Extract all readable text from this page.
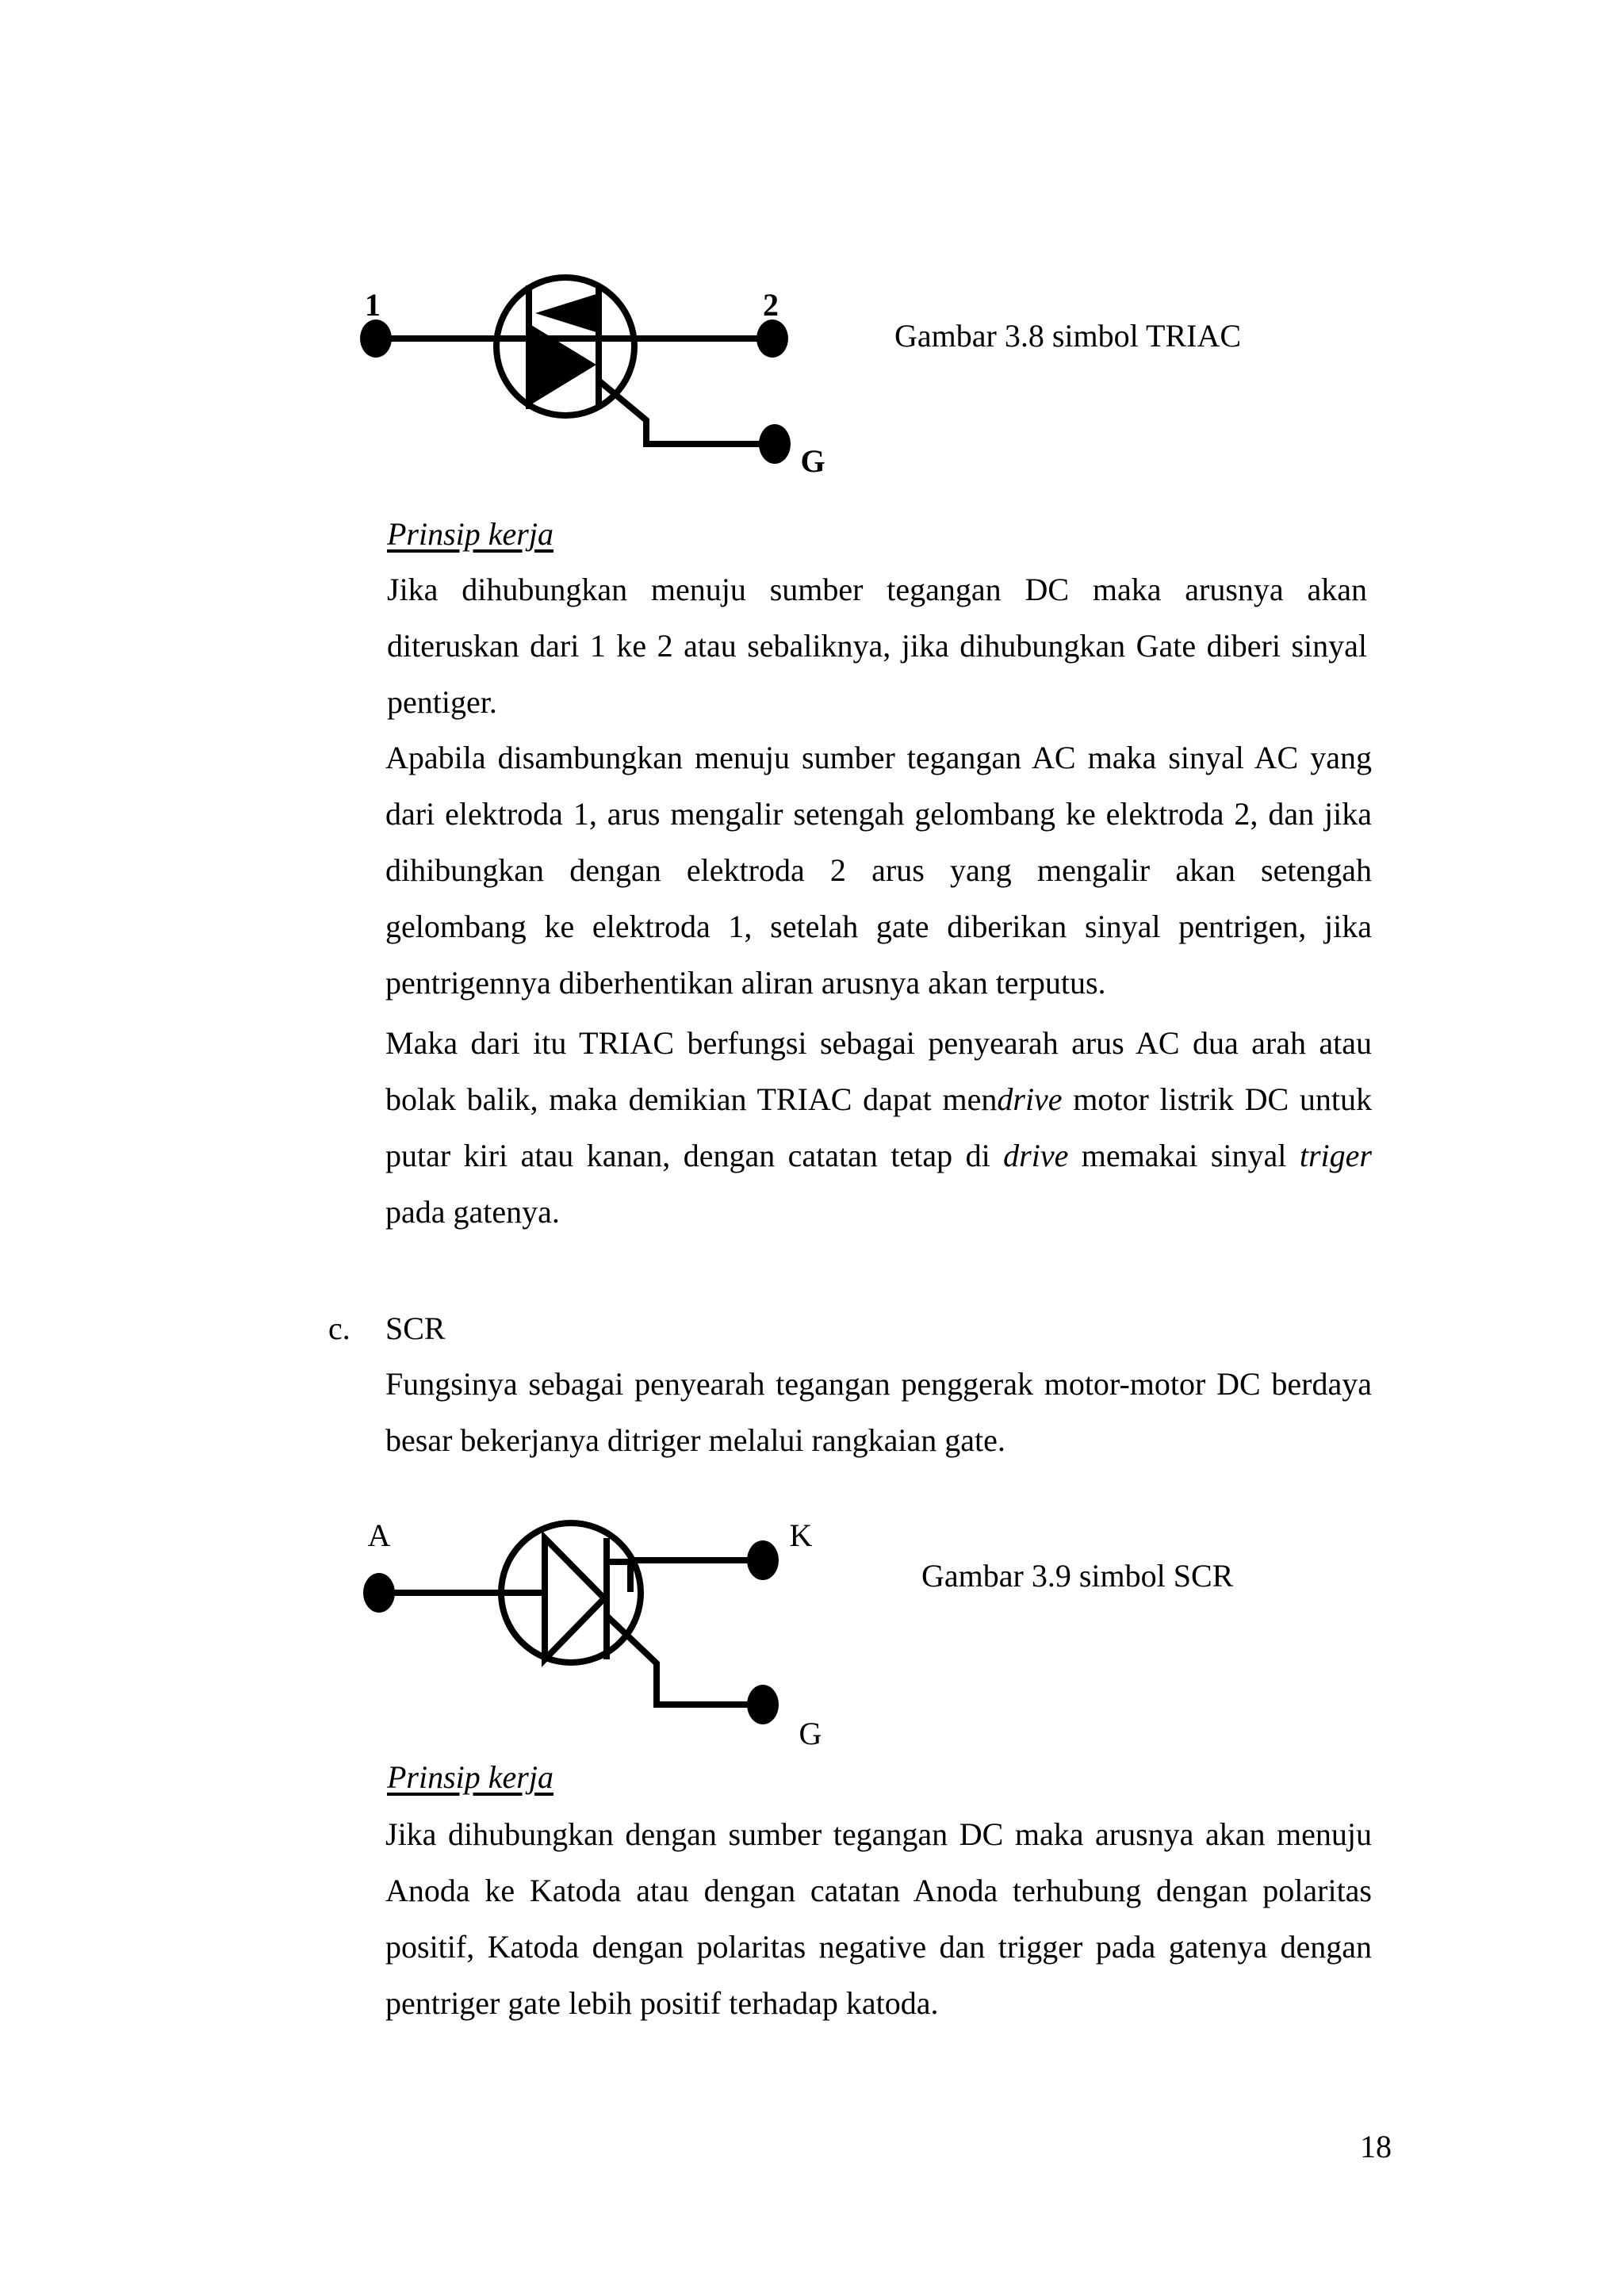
1	2
G
Gambar 3.8 simbol TRIAC
Prinsip kerja

Jika dihubungkan menuju sumber tegangan DC maka arusnya akan diteruskan dari 1 ke 2 atau sebaliknya, jika dihubungkan Gate diberi sinyal pentiger.

Apabila disambungkan menuju sumber tegangan AC maka sinyal AC yang dari elektroda 1, arus mengalir setengah gelombang ke elektroda 2, dan jika dihibungkan dengan elektroda 2 arus yang mengalir akan setengah gelombang ke elektroda 1, setelah gate diberikan sinyal pentrigen, jika pentrigennya diberhentikan aliran arusnya akan terputus.

Maka dari itu TRIAC berfungsi sebagai penyearah arus AC dua arah atau bolak balik, maka demikian TRIAC dapat mendrive motor listrik DC untuk putar kiri atau kanan, dengan catatan tetap di drive memakai sinyal triger pada gatenya.

c. SCR

Fungsinya sebagai penyearah tegangan penggerak motor-motor DC berdaya besar bekerjanya ditriger melalui rangkaian gate.

A	K
G
Gambar 3.9 simbol SCR
Prinsip kerja

Jika dihubungkan dengan sumber tegangan DC maka arusnya akan menuju Anoda ke Katoda atau dengan catatan Anoda terhubung dengan polaritas positif, Katoda dengan polaritas negative dan trigger pada gatenya dengan pentriger gate lebih positif terhadap katoda.

18
